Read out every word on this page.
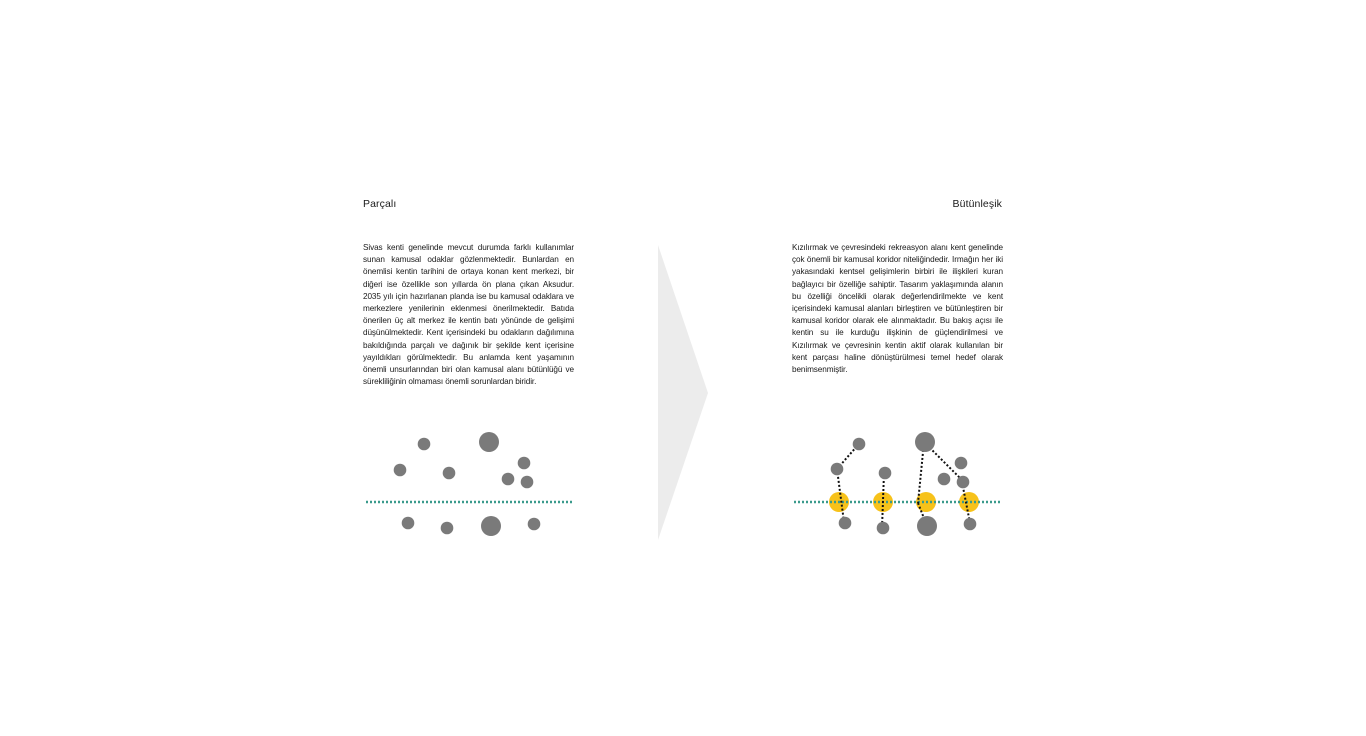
Parçalı	Bütünleşik
Sivas kenti genelinde mevcut durumda farklı kullanımlar sunan kamusal odaklar gözlenmektedir. Bunlardan en önemlisi kentin tarihini de ortaya konan kent merkezi, bir diğeri ise özellikle son yıllarda ön plana çıkan Aksudur. 2035 yılı için hazırlanan planda ise bu kamusal odaklara ve merkezlere yenilerinin eklenmesi önerilmektedir. Batıda önerilen üç alt merkez ile kentin batı yönünde de gelişimi düşünülmektedir. Kent içerisindeki bu odakların dağılımına bakıldığında parçalı ve dağınık bir şekilde kent içerisine yayıldıkları görülmektedir. Bu anlamda kent yaşamının önemli unsurlarından biri olan kamusal alanı bütünlüğü ve sürekliliğinin olmaması önemli sorunlardan biridir.
Kızılırmak ve çevresindeki rekreasyon alanı kent genelinde çok önemli bir kamusal koridor niteliğindedir. Irmağın her iki yakasındaki kentsel gelişimlerin birbiri ile ilişkileri kuran bağlayıcı bir özelliğe sahiptir. Tasarım yaklaşımında alanın bu özelliği öncelikli olarak değerlendirilmekte ve kent içerisindeki kamusal alanları birleştiren ve bütünleştiren bir kamusal koridor olarak ele alınmaktadır. Bu bakış açısı ile kentin su ile kurduğu ilişkinin de güçlendirilmesi ve Kızılırmak ve çevresinin kentin aktif olarak kullanılan bir kent parçası haline dönüştürülmesi temel hedef olarak benimsenmiştir.
